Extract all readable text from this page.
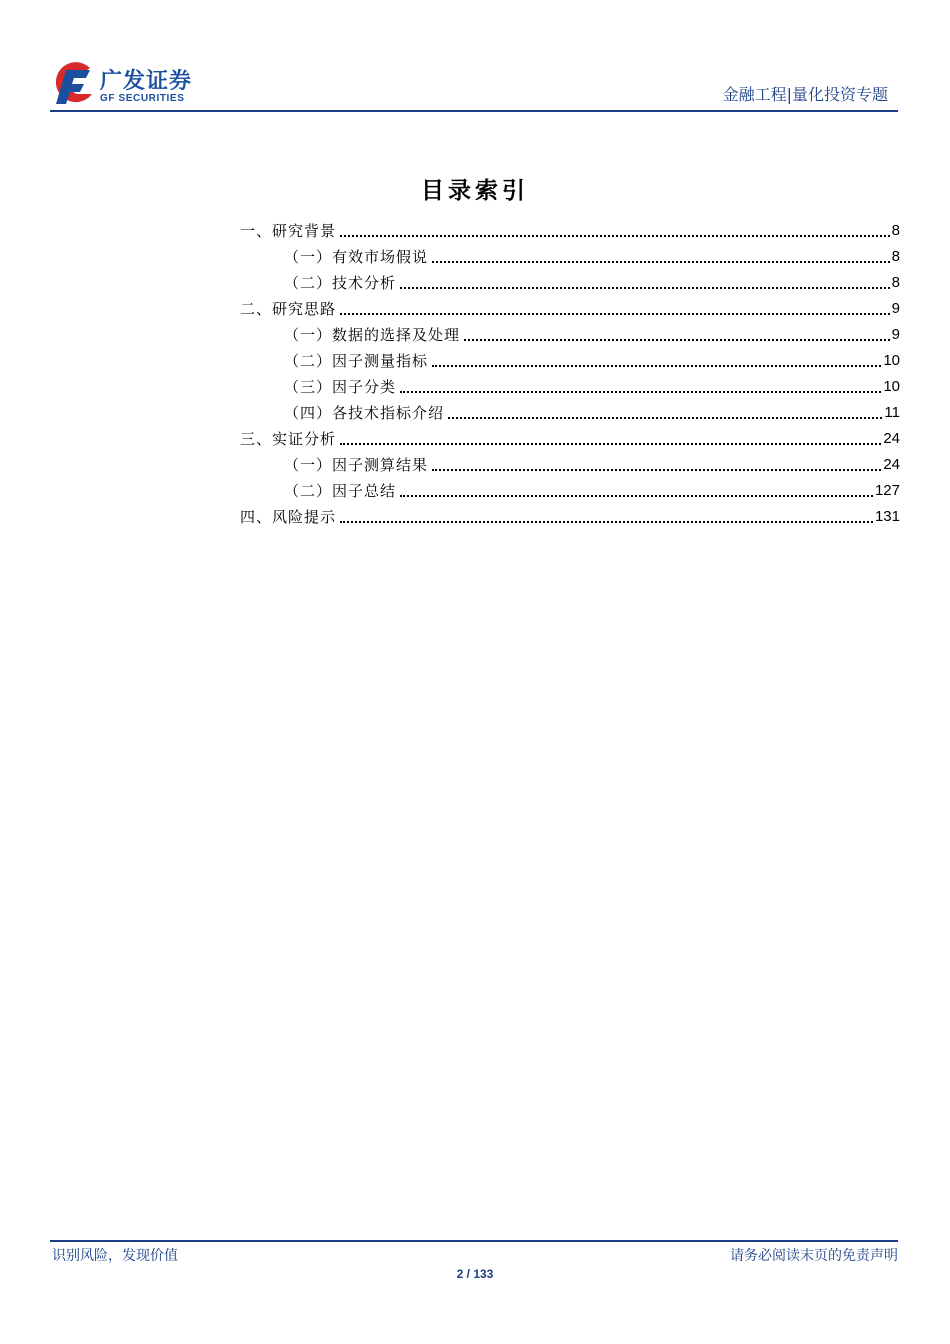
广发证券
GF SECURITIES	金融工程|量化投资专题
目录索引
一、研究背景	8
（一）有效市场假说	8
（二）技术分析	8
二、研究思路	9
（一）数据的选择及处理	9
（二）因子测量指标	10
（三）因子分类	10
（四）各技术指标介绍	11
三、实证分析	24
（一）因子测算结果	24
（二）因子总结	127
四、风险提示	131
识别风险，发现价值	请务必阅读末页的免责声明
2 / 133
